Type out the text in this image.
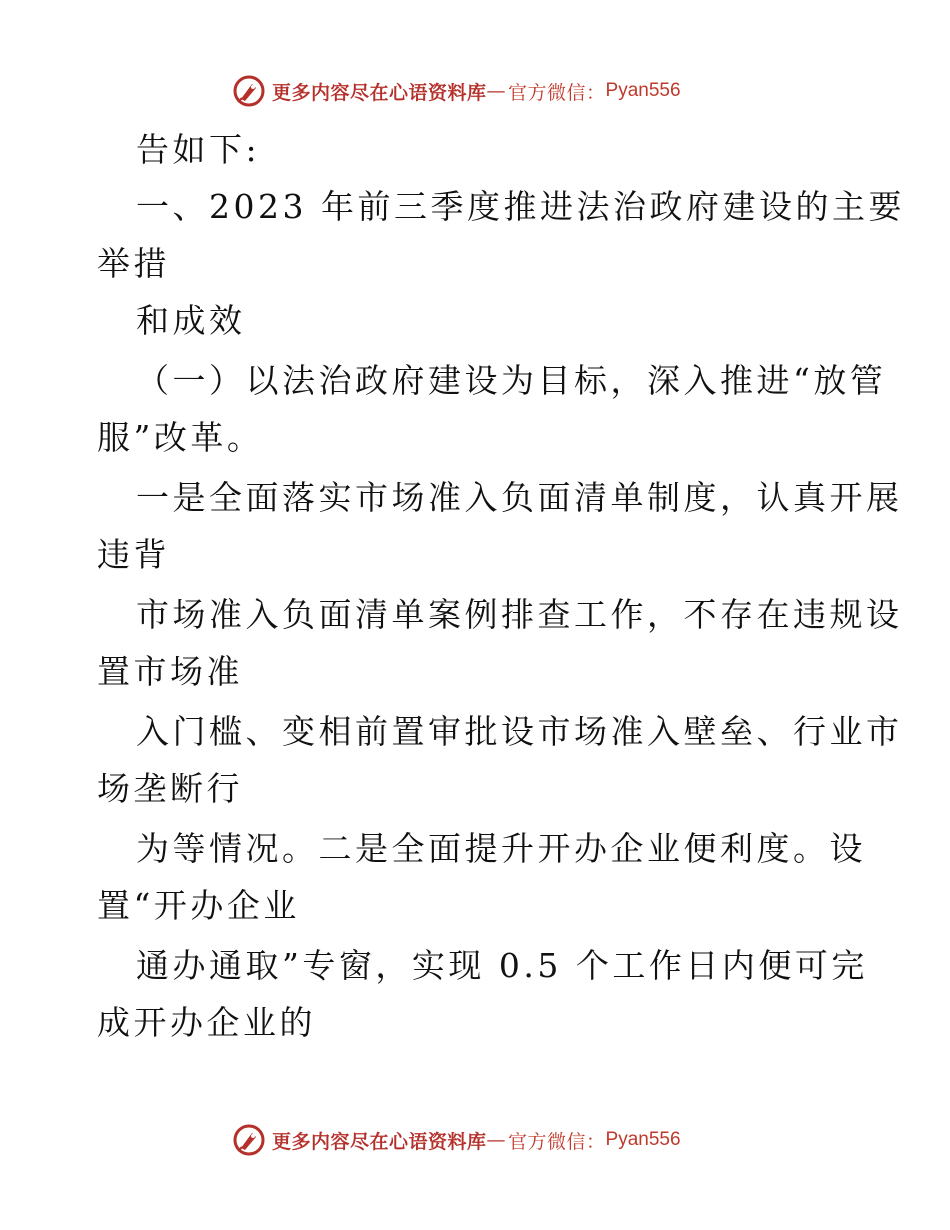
更多内容尽在心语资料库 — 官方微信： Pyan556
告如下:
一、2023 年前三季度推进法治政府建设的主要
举措
和成效
（一）以法治政府建设为目标，深入推进“放管
服”改革。
一是全面落实市场准入负面清单制度，认真开展
违背
市场准入负面清单案例排查工作，不存在违规设
置市场准
入门槛、变相前置审批设市场准入壁垒、行业市
场垄断行
为等情况。二是全面提升开办企业便利度。设
置“开办企业
通办通取”专窗，实现 0.5 个工作日内便可完
成开办企业的
更多内容尽在心语资料库 — 官方微信： Pyan556
